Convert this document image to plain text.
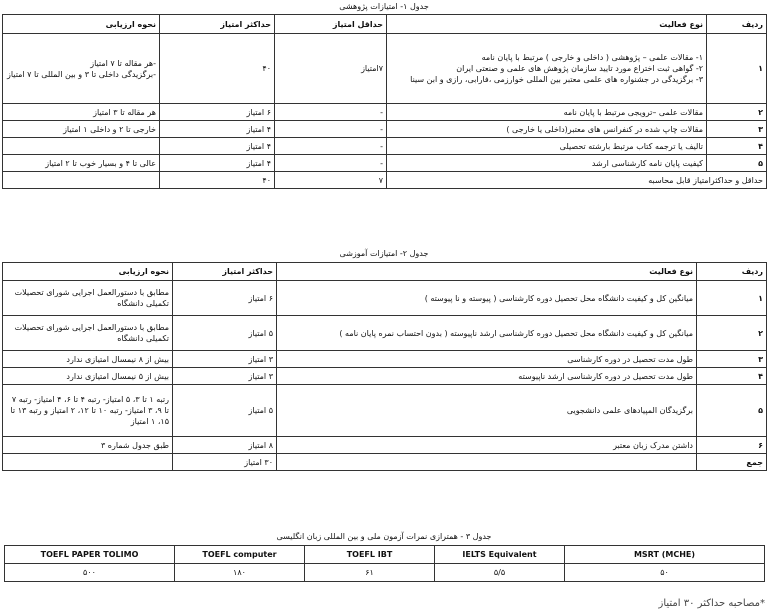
جدول ۱- امتیازات پژوهشی
ردیف	نوع فعالیت	حداقل امتیاز	حداکثر امتیاز	نحوه ارزیابی
۱	۱- مقالات علمی – پژوهشی ( داخلی و خارجی ) مرتبط با پایان نامه
۲- گواهی ثبت اختراع مورد تایید سازمان پژوهش های علمی و صنعتی ایران
۳- برگزیدگی در جشنواره های علمی معتبر بین المللی خوارزمی ،فارابی، رازی و ابن سینا	۷امتیاز	۴۰	-هر مقاله تا ۷ امتیاز
-برگزیدگی داخلی تا ۳ و بین المللی تا ۷ امتیاز

۲	مقالات علمی –ترویجی مرتبط با پایان نامه	-	۶ امتیاز	هر مقاله تا ۳ امتیاز
۳	مقالات چاپ شده در کنفرانس های معتبر(داخلی یا خارجی )	-	۴ امتیاز	خارجی تا ۲ و داخلی ۱ امتیاز
۴	تالیف یا ترجمه کتاب مرتبط بارشته تحصیلی	-	۴ امتیاز	
۵	کیفیت پایان نامه کارشناسی ارشد	-	۴ امتیاز	عالی تا ۴ و بسیار خوب تا ۲ امتیاز
حداقل و حداکثرامتیاز قابل محاسبه		۷	۴۰	
جدول ۲- امتیازات آموزشی
ردیف	نوع فعالیت	حداکثر امتیاز	نحوه ارزیابی
۱	میانگین کل و کیفیت دانشگاه محل تحصیل دوره کارشناسی ( پیوسته و نا پیوسته )	۶ امتیاز	مطابق با دستورالعمل اجرایی شورای تحصیلات تکمیلی دانشگاه
۲	میانگین کل و کیفیت دانشگاه محل تحصیل دوره کارشناسی ارشد ناپیوسته ( بدون احتساب نمره پایان نامه )	۵ امتیاز	مطابق با دستورالعمل اجرایی شورای تحصیلات تکمیلی دانشگاه
۳	طول مدت تحصیل در دوره کارشناسی	۳ امتیاز	بیش از ۸ نیمسال امتیازی ندارد
۴	طول مدت تحصیل در دوره کارشناسی ارشد ناپیوسته	۳ امتیاز	بیش از ۵ نیمسال امتیازی ندارد
۵	برگزیدگان المپیادهای علمی دانشجویی	۵ امتیاز	رتبه ۱ تا ۳، ۵ امتیاز- رتبه ۴ تا ۶، ۴ امتیاز- رتبه ۷ تا ۹، ۳ امتیاز- رتبه ۱۰ تا ۱۲، ۲ امتیاز و رتبه ۱۳ تا ۱۵، ۱ امتیاز
۶	داشتن مدرک زبان معتبر	۸ امتیاز	طبق جدول شماره ۳
جمع		۳۰ امتیاز	
جدول ۳ - همترازی نمرات آزمون ملی و بین المللی زبان انگلیسی
MSRT (MCHE)	IELTS Equivalent	TOEFL IBT	TOEFL computer	TOEFL PAPER TOLIMO
۵۰	۵/۵	۶۱	۱۸۰	۵۰۰
*مصاحبه حداکثر ۳۰ امتیاز
